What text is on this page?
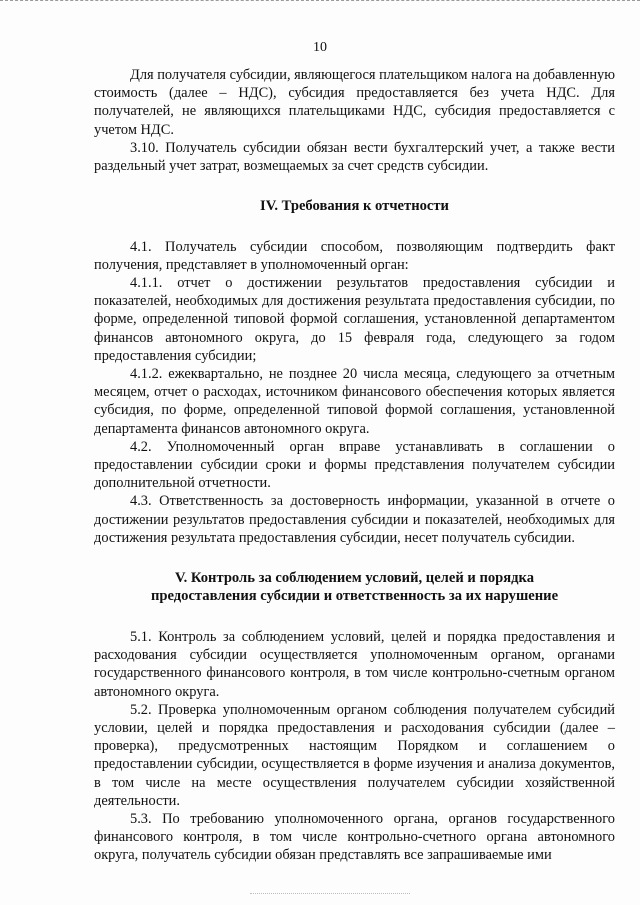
10

Для получателя субсидии, являющегося плательщиком налога на добавленную стоимость (далее – НДС), субсидия предоставляется без учета НДС. Для получателей, не являющихся плательщиками НДС, субсидия предоставляется с учетом НДС.

3.10. Получатель субсидии обязан вести бухгалтерский учет, а также вести раздельный учет затрат, возмещаемых за счет средств субсидии.

IV. Требования к отчетности

4.1. Получатель субсидии способом, позволяющим подтвердить факт получения, представляет в уполномоченный орган:

4.1.1. отчет о достижении результатов предоставления субсидии и показателей, необходимых для достижения результата предоставления субсидии, по форме, определенной типовой формой соглашения, установленной департаментом финансов автономного округа, до 15 февраля года, следующего за годом предоставления субсидии;

4.1.2. ежеквартально, не позднее 20 числа месяца, следующего за отчетным месяцем, отчет о расходах, источником финансового обеспечения которых является субсидия, по форме, определенной типовой формой соглашения, установленной департамента финансов автономного округа.

4.2. Уполномоченный орган вправе устанавливать в соглашении о предоставлении субсидии сроки и формы представления получателем субсидии дополнительной отчетности.

4.3. Ответственность за достоверность информации, указанной в отчете о достижении результатов предоставления субсидии и показателей, необходимых для достижения результата предоставления субсидии, несет получатель субсидии.

V. Контроль за соблюдением условий, целей и порядка

предоставления субсидии и ответственность за их нарушение

5.1. Контроль за соблюдением условий, целей и порядка предоставления и расходования субсидии осуществляется уполномоченным органом, органами государственного финансового контроля, в том числе контрольно-счетным органом автономного округа.

5.2. Проверка уполномоченным органом соблюдения получателем субсидий условии, целей и порядка предоставления и расходования субсидии (далее – проверка), предусмотренных настоящим Порядком и соглашением о предоставлении субсидии, осуществляется в форме изучения и анализа документов, в том числе на месте осуществления получателем субсидии хозяйственной деятельности.

5.3. По требованию уполномоченного органа, органов государственного финансового контроля, в том числе контрольно-счетного органа автономного округа, получатель субсидии обязан представлять все запрашиваемые ими
